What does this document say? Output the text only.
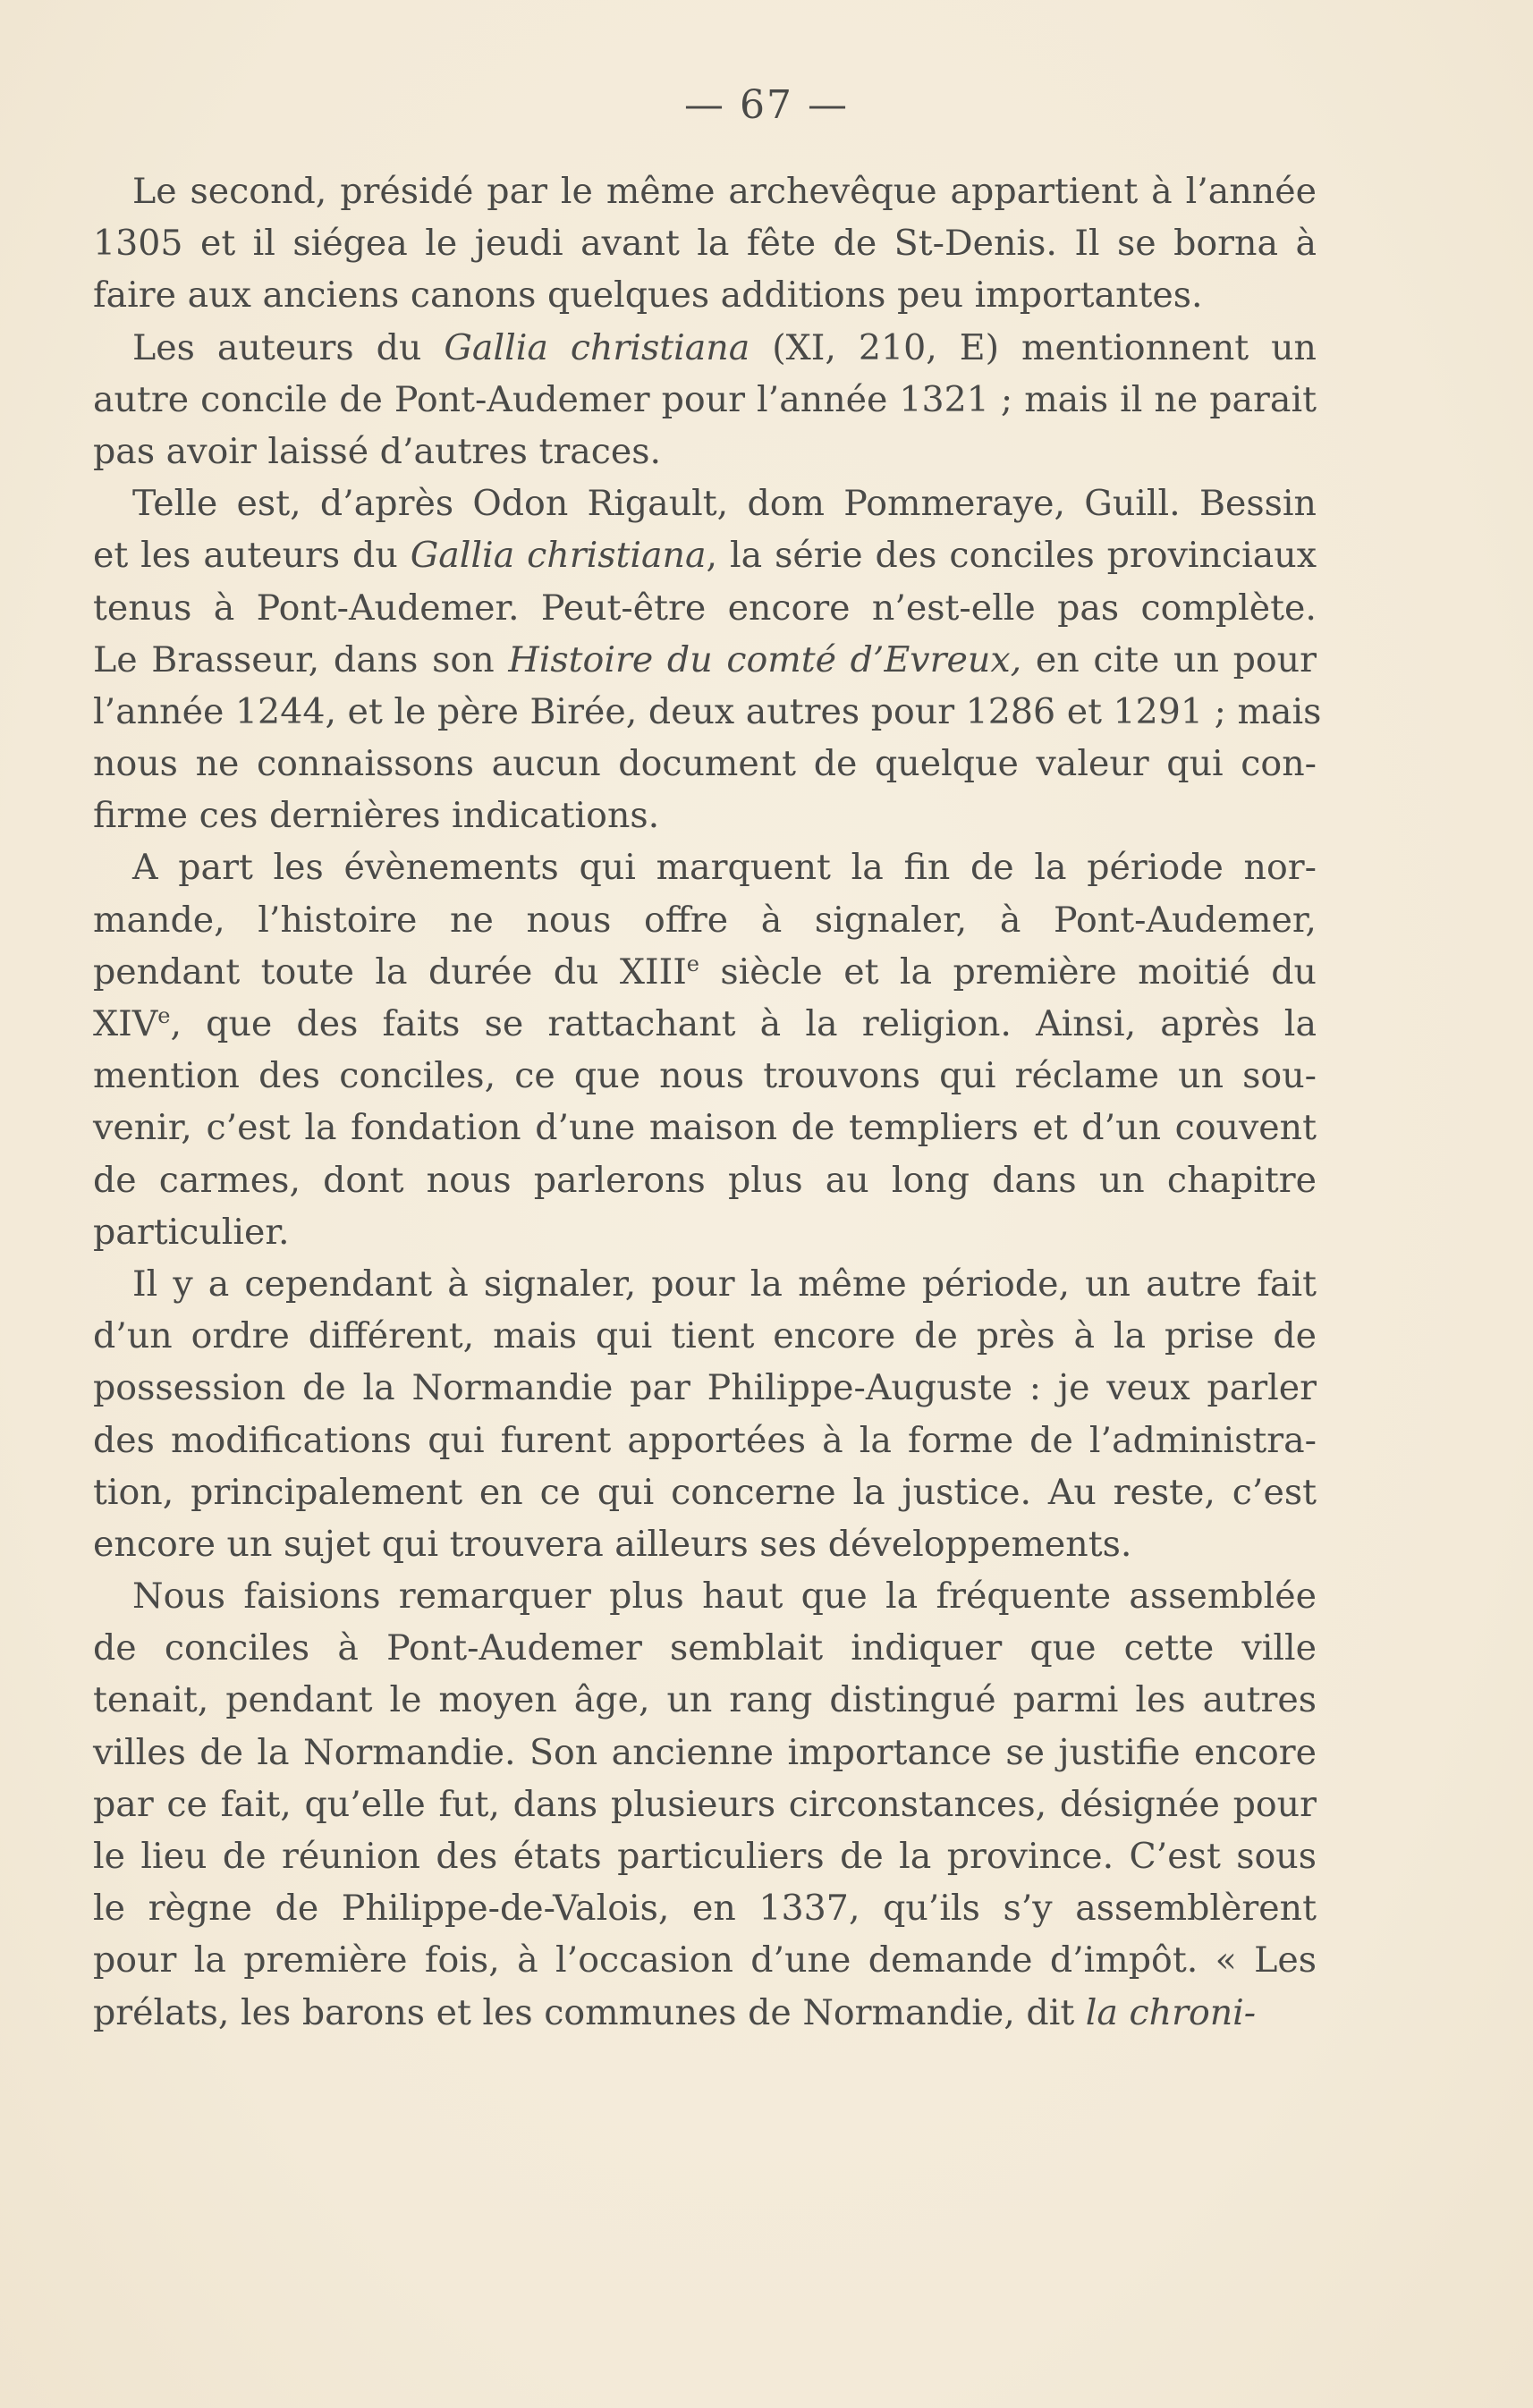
— 67 —
Le second, présidé par le même archevêque appartient à l’année
1305 et il siégea le jeudi avant la fête de St-Denis. Il se borna à
faire aux anciens canons quelques additions peu importantes.
Les auteurs du Gallia christiana (XI, 210, E) mentionnent un
autre concile de Pont-Audemer pour l’année 1321 ; mais il ne parait
pas avoir laissé d’autres traces.
Telle est, d’après Odon Rigault, dom Pommeraye, Guill. Bessin
et les auteurs du Gallia christiana, la série des conciles provinciaux
tenus à Pont-Audemer. Peut-être encore n’est-elle pas complète.
Le Brasseur, dans son Histoire du comté d’Evreux, en cite un pour
l’année 1244, et le père Birée, deux autres pour 1286 et 1291 ; mais
nous ne connaissons aucun document de quelque valeur qui con-
firme ces dernières indications.
A part les évènements qui marquent la fin de la période nor-
mande, l’histoire ne nous offre à signaler, à Pont-Audemer,
pendant toute la durée du XIIIe siècle et la première moitié du
XIVe, que des faits se rattachant à la religion. Ainsi, après la
mention des conciles, ce que nous trouvons qui réclame un sou-
venir, c’est la fondation d’une maison de templiers et d’un couvent
de carmes, dont nous parlerons plus au long dans un chapitre
particulier.
Il y a cependant à signaler, pour la même période, un autre fait
d’un ordre différent, mais qui tient encore de près à la prise de
possession de la Normandie par Philippe-Auguste : je veux parler
des modifications qui furent apportées à la forme de l’administra-
tion, principalement en ce qui concerne la justice. Au reste, c’est
encore un sujet qui trouvera ailleurs ses développements.
Nous faisions remarquer plus haut que la fréquente assemblée
de conciles à Pont-Audemer semblait indiquer que cette ville
tenait, pendant le moyen âge, un rang distingué parmi les autres
villes de la Normandie. Son ancienne importance se justifie encore
par ce fait, qu’elle fut, dans plusieurs circonstances, désignée pour
le lieu de réunion des états particuliers de la province. C’est sous
le règne de Philippe-de-Valois, en 1337, qu’ils s’y assemblèrent
pour la première fois, à l’occasion d’une demande d’impôt. « Les
prélats, les barons et les communes de Normandie, dit la chroni-
